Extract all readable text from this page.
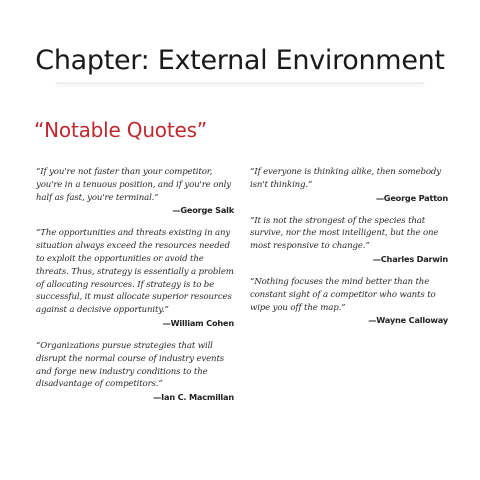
Chapter: External Environment
“Notable Quotes”

“If you're not faster than your competitor, you're in a tenuous position, and if you're only half as fast, you're terminal.”

—George Salk

“The opportunities and threats existing in any situation always exceed the resources needed to exploit the opportunities or avoid the threats. Thus, strategy is essentially a problem of allocating resources. If strategy is to be successful, it must allocate superior resources against a decisive opportunity.”

—William Cohen

“Organizations pursue strategies that will disrupt the normal course of industry events and forge new industry conditions to the disadvantage of competitors.”

—Ian C. Macmillan

“If everyone is thinking alike, then somebody isn't thinking.”

—George Patton

“It is not the strongest of the species that survive, nor the most intelligent, but the one most responsive to change.”

—Charles Darwin

“Nothing focuses the mind better than the constant sight of a competitor who wants to wipe you off the map.”

—Wayne Calloway
